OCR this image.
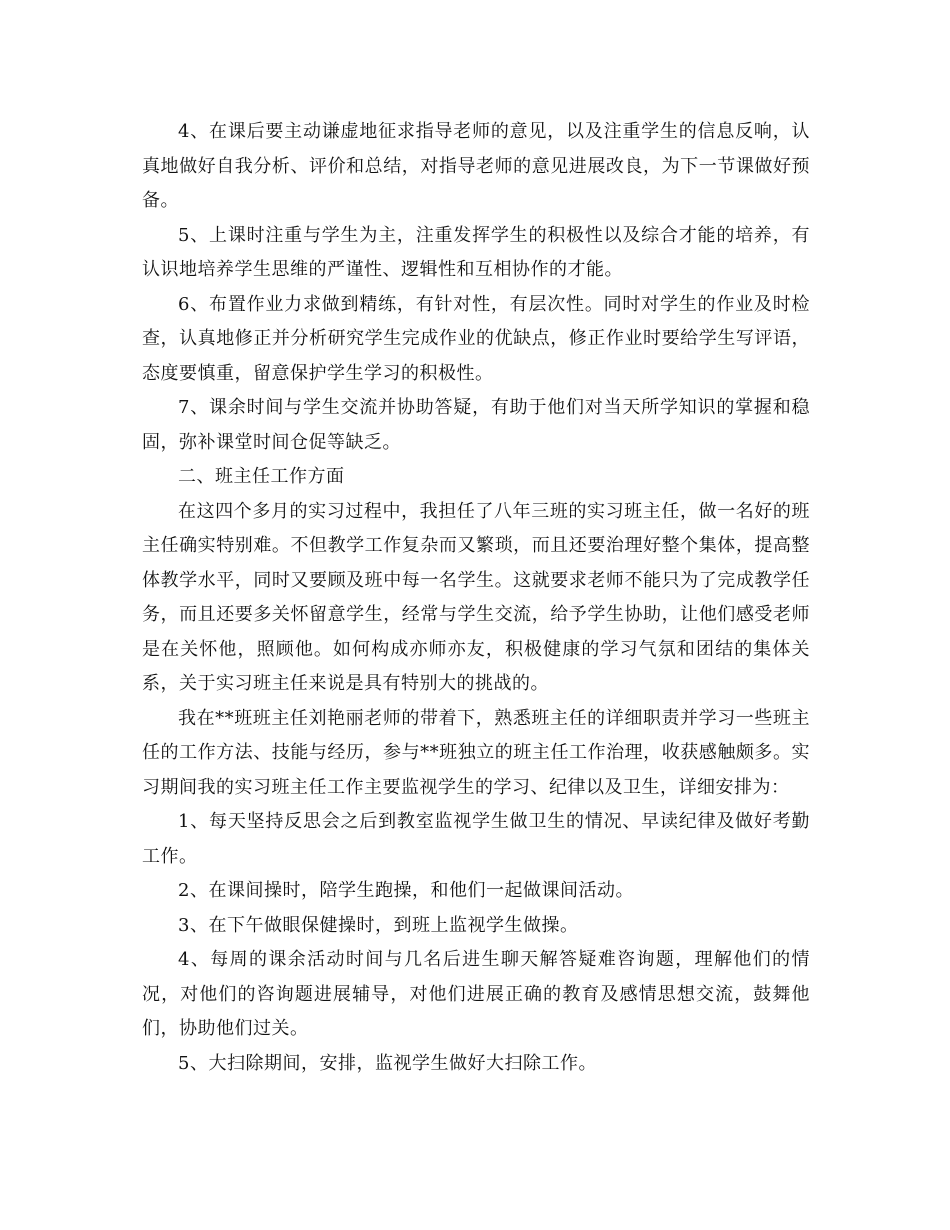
4、在课后要主动谦虚地征求指导老师的意见，以及注重学生的信息反响，认真地做好自我分析、评价和总结，对指导老师的意见进展改良，为下一节课做好预备。

5、上课时注重与学生为主，注重发挥学生的积极性以及综合才能的培养，有认识地培养学生思维的严谨性、逻辑性和互相协作的才能。

6、布置作业力求做到精练，有针对性，有层次性。同时对学生的作业及时检查，认真地修正并分析研究学生完成作业的优缺点，修正作业时要给学生写评语，态度要慎重，留意保护学生学习的积极性。

7、课余时间与学生交流并协助答疑，有助于他们对当天所学知识的掌握和稳固，弥补课堂时间仓促等缺乏。

二、班主任工作方面

在这四个多月的实习过程中，我担任了八年三班的实习班主任，做一名好的班主任确实特别难。不但教学工作复杂而又繁琐，而且还要治理好整个集体，提高整体教学水平，同时又要顾及班中每一名学生。这就要求老师不能只为了完成教学任务，而且还要多关怀留意学生，经常与学生交流，给予学生协助，让他们感受老师是在关怀他，照顾他。如何构成亦师亦友，积极健康的学习气氛和团结的集体关系，关于实习班主任来说是具有特别大的挑战的。

我在**班班主任刘艳丽老师的带着下，熟悉班主任的详细职责并学习一些班主任的工作方法、技能与经历，参与**班独立的班主任工作治理，收获感触颇多。实习期间我的实习班主任工作主要监视学生的学习、纪律以及卫生，详细安排为：

1、每天坚持反思会之后到教室监视学生做卫生的情况、早读纪律及做好考勤工作。

2、在课间操时，陪学生跑操，和他们一起做课间活动。

3、在下午做眼保健操时，到班上监视学生做操。

4、每周的课余活动时间与几名后进生聊天解答疑难咨询题，理解他们的情况，对他们的咨询题进展辅导，对他们进展正确的教育及感情思想交流，鼓舞他们，协助他们过关。

5、大扫除期间，安排，监视学生做好大扫除工作。
